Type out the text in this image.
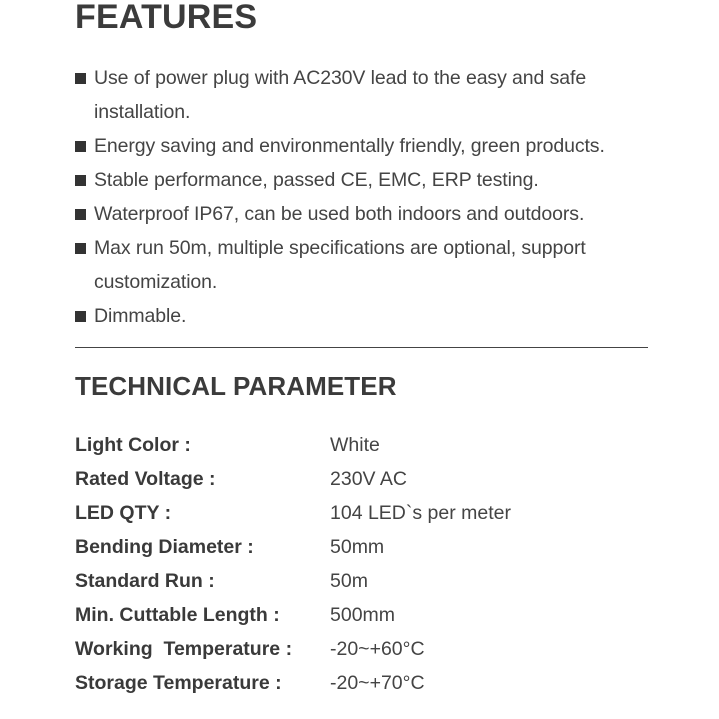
FEATURES
Use of power plug with AC230V lead to the easy and safe installation.
Energy saving and environmentally friendly, green products.
Stable performance, passed CE, EMC, ERP testing.
Waterproof IP67, can be used both indoors and outdoors.
Max run 50m, multiple specifications are optional, support customization.
Dimmable.
TECHNICAL PARAMETER
Light Color :	White
Rated Voltage :	230V AC
LED QTY :	104 LED`s per meter
Bending Diameter :	50mm
Standard Run :	50m
Min. Cuttable Length :	500mm
Working  Temperature :	-20~+60°C
Storage Temperature :	-20~+70°C
